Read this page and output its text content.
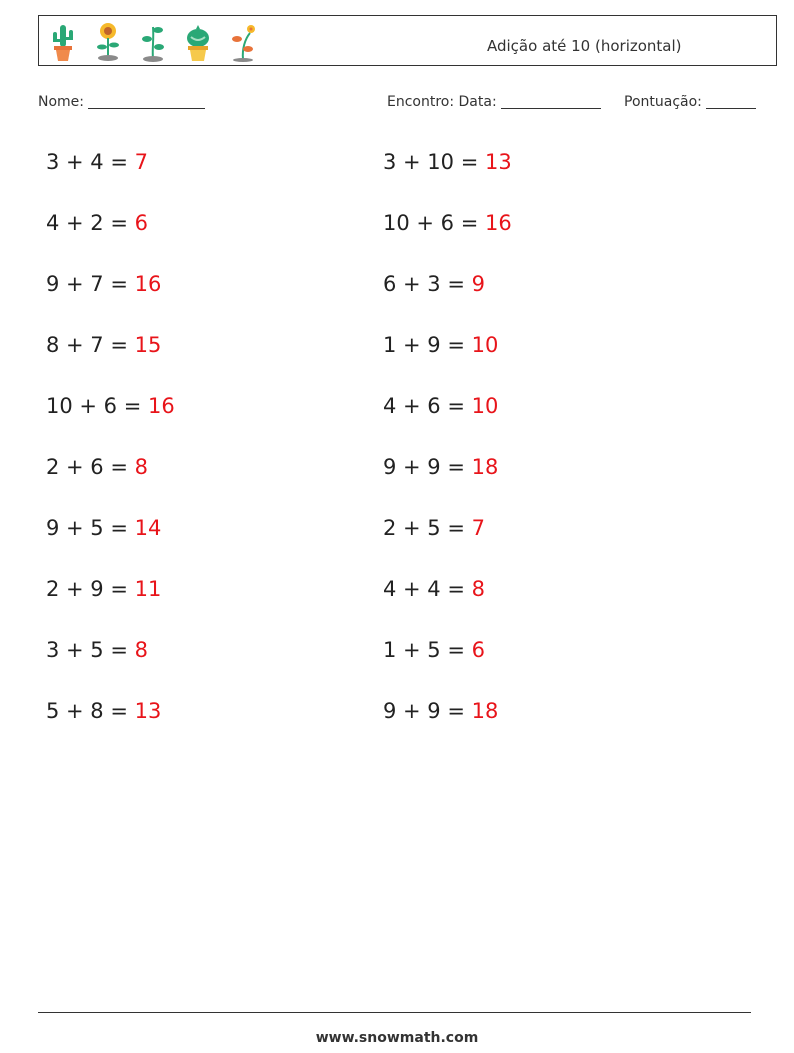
Adição até 10 (horizontal)
Nome:	Encontro: Data:	Pontuação:
3 + 4 = 7
4 + 2 = 6
9 + 7 = 16
8 + 7 = 15
10 + 6 = 16
2 + 6 = 8
9 + 5 = 14
2 + 9 = 11
3 + 5 = 8
5 + 8 = 13
3 + 10 = 13
10 + 6 = 16
6 + 3 = 9
1 + 9 = 10
4 + 6 = 10
9 + 9 = 18
2 + 5 = 7
4 + 4 = 8
1 + 5 = 6
9 + 9 = 18
www.snowmath.com
